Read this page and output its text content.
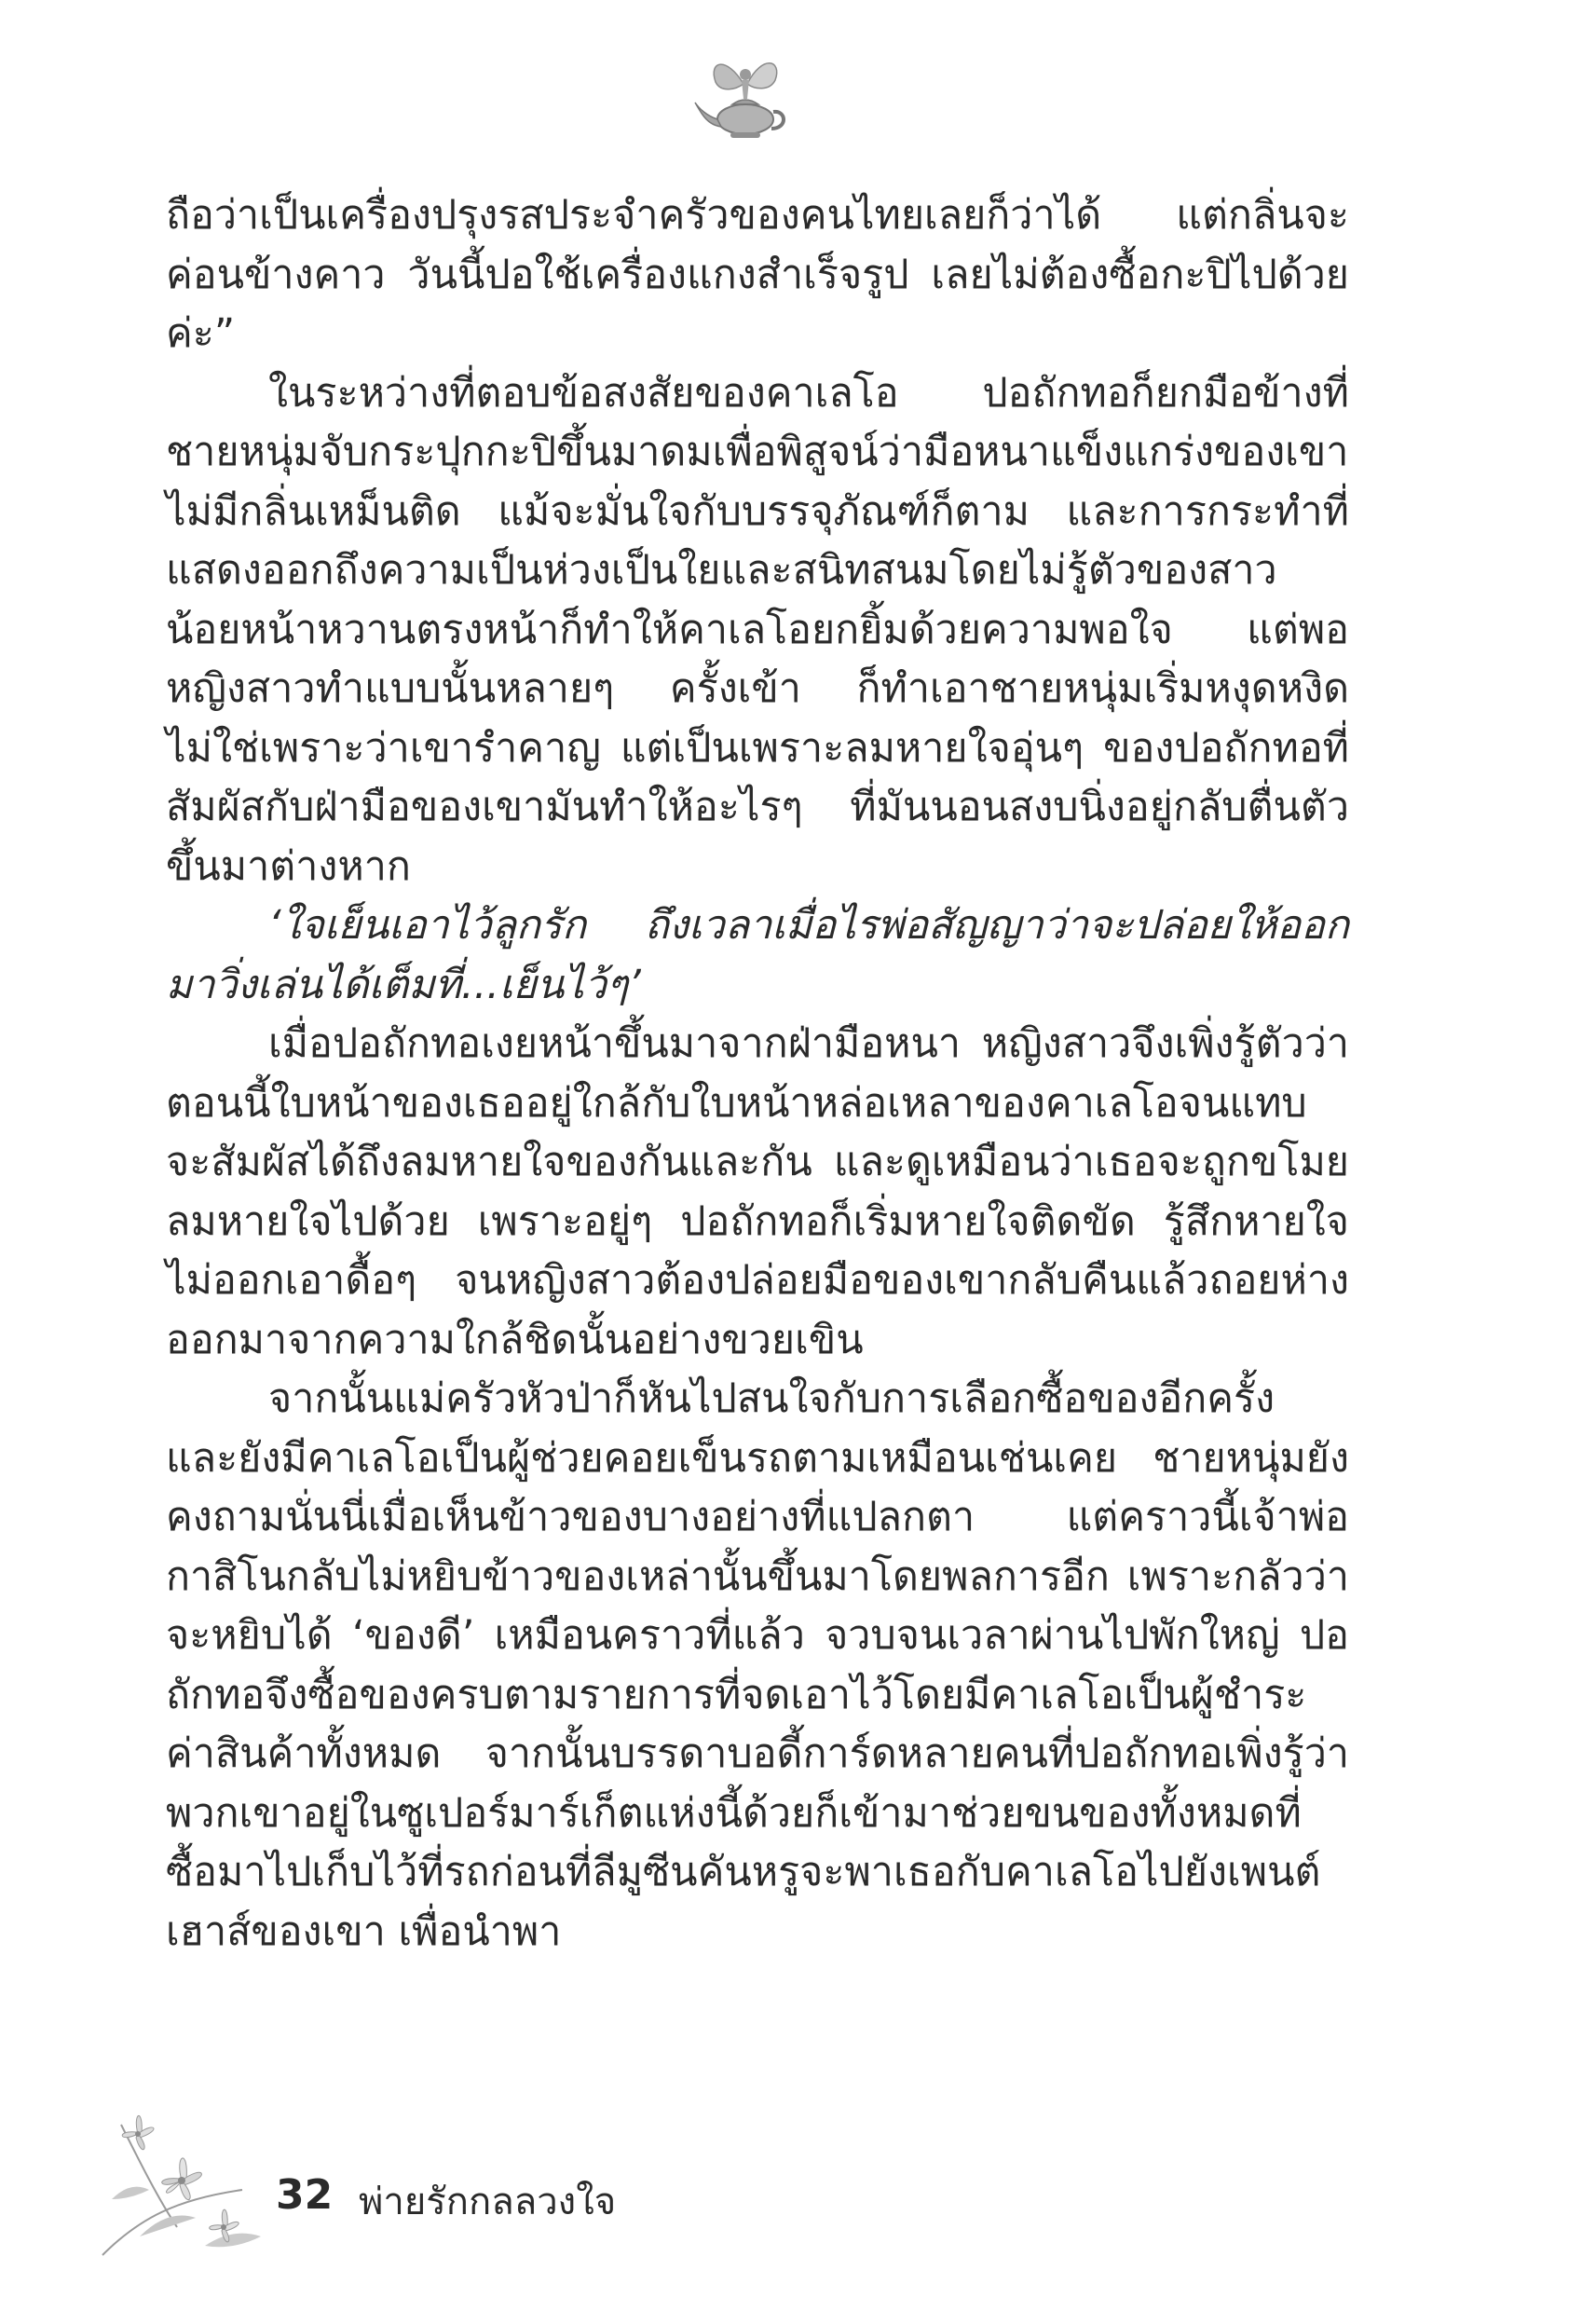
ถือว่าเป็นเครื่องปรุงรสประจำครัวของคนไทยเลยก็ว่าได้ แต่กลิ่นจะค่อนข้างคาว วันนี้ปอใช้เครื่องแกงสำเร็จรูป เลยไม่ต้องซื้อกะปิไปด้วยค่ะ”

ในระหว่างที่ตอบข้อสงสัยของคาเลโอ ปอถักทอก็ยกมือข้างที่ชายหนุ่มจับกระปุกกะปิขึ้นมาดมเพื่อพิสูจน์ว่ามือหนาแข็งแกร่งของเขาไม่มีกลิ่นเหม็นติด แม้จะมั่นใจกับบรรจุภัณฑ์ก็ตาม และการกระทำที่แสดงออกถึงความเป็นห่วงเป็นใยและสนิทสนมโดยไม่รู้ตัวของสาวน้อยหน้าหวานตรงหน้าก็ทำให้คาเลโอยกยิ้มด้วยความพอใจ แต่พอหญิงสาวทำแบบนั้นหลายๆ ครั้งเข้า ก็ทำเอาชายหนุ่มเริ่มหงุดหงิด ไม่ใช่เพราะว่าเขารำคาญ แต่เป็นเพราะลมหายใจอุ่นๆ ของปอถักทอที่สัมผัสกับฝ่ามือของเขามันทำให้อะไรๆ ที่มันนอนสงบนิ่งอยู่กลับตื่นตัวขึ้นมาต่างหาก

‘ใจเย็นเอาไว้ลูกรัก ถึงเวลาเมื่อไรพ่อสัญญาว่าจะปล่อยให้ออกมาวิ่งเล่นได้เต็มที่...เย็นไว้ๆ’

เมื่อปอถักทอเงยหน้าขึ้นมาจากฝ่ามือหนา หญิงสาวจึงเพิ่งรู้ตัวว่าตอนนี้ใบหน้าของเธออยู่ใกล้กับใบหน้าหล่อเหลาของคาเลโอจนแทบจะสัมผัสได้ถึงลมหายใจของกันและกัน และดูเหมือนว่าเธอจะถูกขโมยลมหายใจไปด้วย เพราะอยู่ๆ ปอถักทอก็เริ่มหายใจติดขัด รู้สึกหายใจไม่ออกเอาดื้อๆ จนหญิงสาวต้องปล่อยมือของเขากลับคืนแล้วถอยห่างออกมาจากความใกล้ชิดนั้นอย่างขวยเขิน

จากนั้นแม่ครัวหัวป่าก็หันไปสนใจกับการเลือกซื้อของอีกครั้ง และยังมีคาเลโอเป็นผู้ช่วยคอยเข็นรถตามเหมือนเช่นเคย ชายหนุ่มยังคงถามนั่นนี่เมื่อเห็นข้าวของบางอย่างที่แปลกตา แต่คราวนี้เจ้าพ่อกาสิโนกลับไม่หยิบข้าวของเหล่านั้นขึ้นมาโดยพลการอีก เพราะกลัวว่าจะหยิบได้ ‘ของดี’ เหมือนคราวที่แล้ว จวบจนเวลาผ่านไปพักใหญ่ ปอถักทอจึงซื้อของครบตามรายการที่จดเอาไว้โดยมีคาเลโอเป็นผู้ชำระค่าสินค้าทั้งหมด จากนั้นบรรดาบอดี้การ์ดหลายคนที่ปอถักทอเพิ่งรู้ว่าพวกเขาอยู่ในซูเปอร์มาร์เก็ตแห่งนี้ด้วยก็เข้ามาช่วยขนของทั้งหมดที่ซื้อมาไปเก็บไว้ที่รถก่อนที่ลีมูซีนคันหรูจะพาเธอกับคาเลโอไปยังเพนต์เฮาส์ของเขา เพื่อนำพา

32 พ่ายรักกลลวงใจ
